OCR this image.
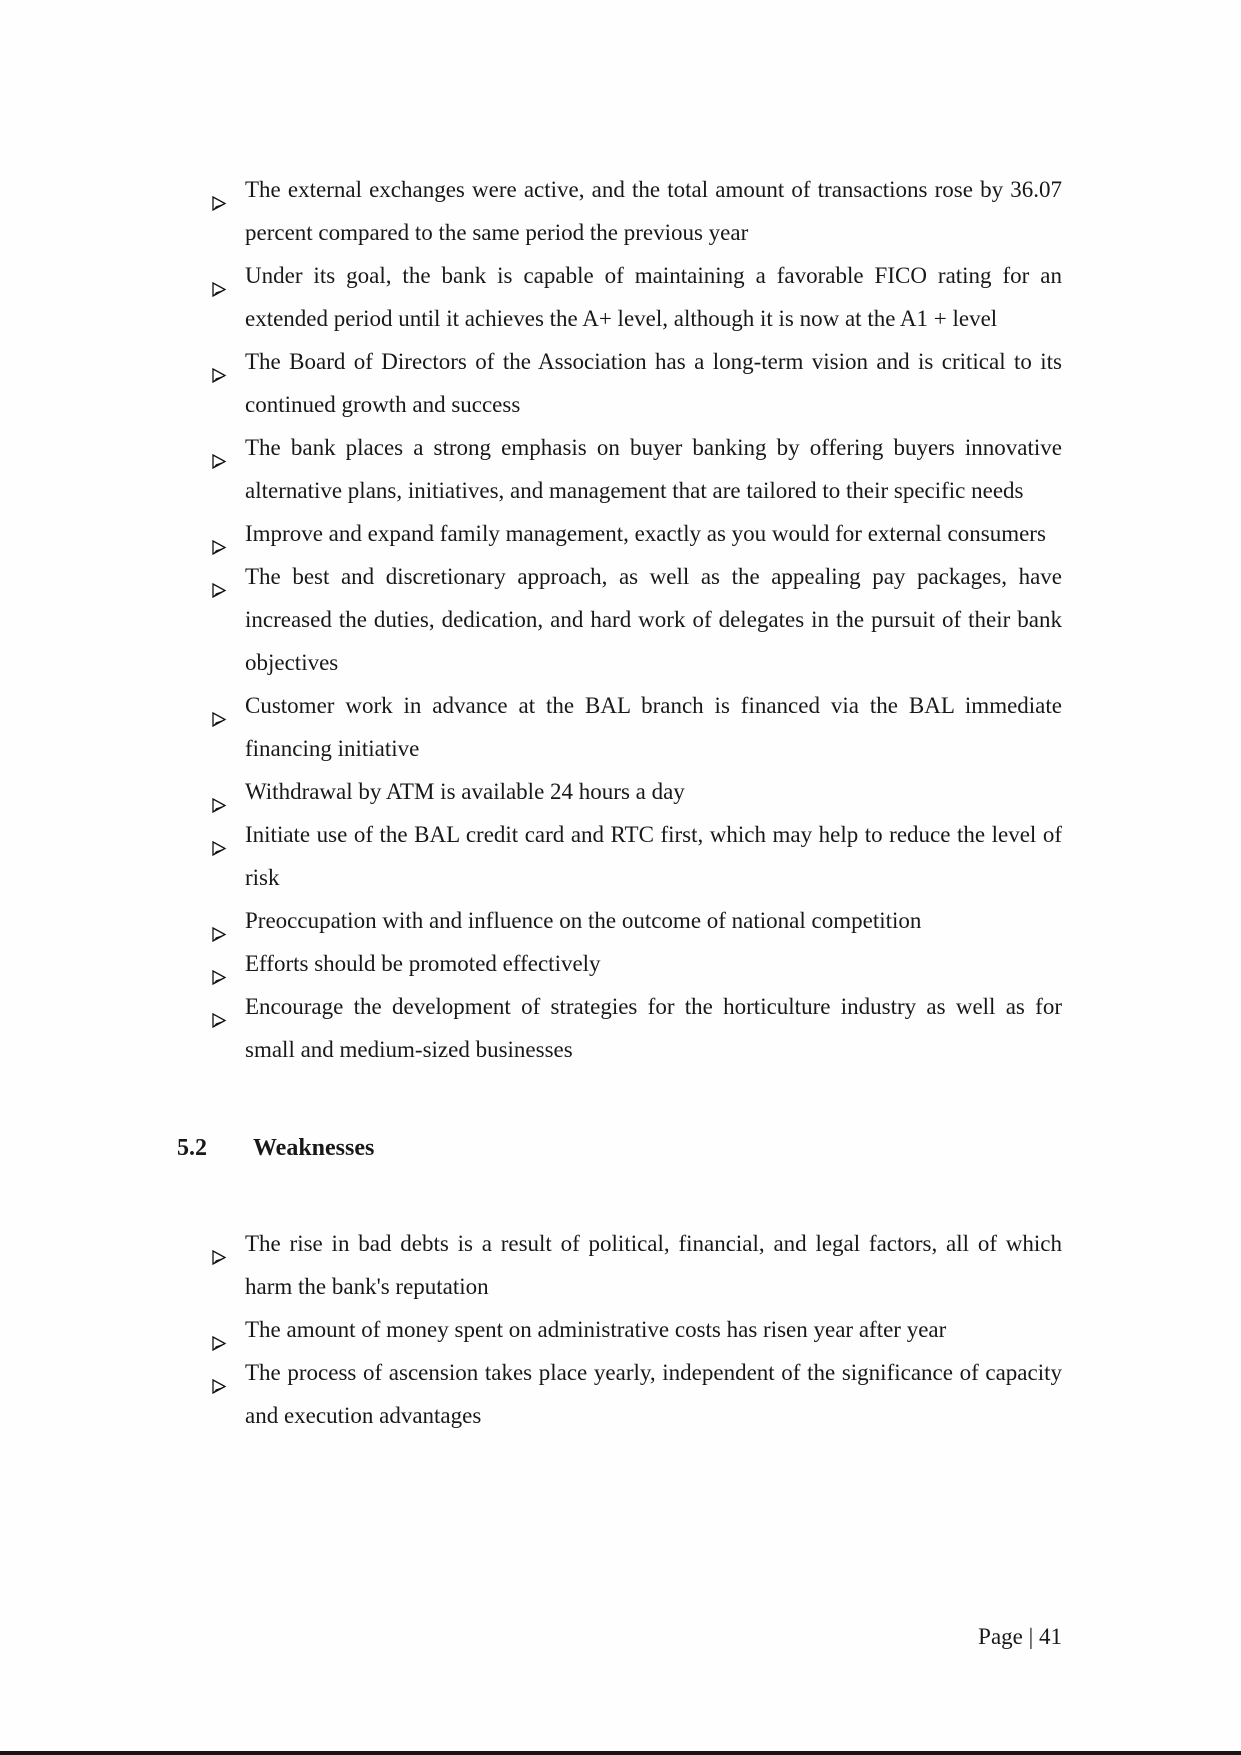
The external exchanges were active, and the total amount of transactions rose by 36.07 percent compared to the same period the previous year
Under its goal, the bank is capable of maintaining a favorable FICO rating for an extended period until it achieves the A+ level, although it is now at the A1 + level
The Board of Directors of the Association has a long-term vision and is critical to its continued growth and success
The bank places a strong emphasis on buyer banking by offering buyers innovative alternative plans, initiatives, and management that are tailored to their specific needs
Improve and expand family management, exactly as you would for external consumers
The best and discretionary approach, as well as the appealing pay packages, have increased the duties, dedication, and hard work of delegates in the pursuit of their bank objectives
Customer work in advance at the BAL branch is financed via the BAL immediate financing initiative
Withdrawal by ATM is available 24 hours a day
Initiate use of the BAL credit card and RTC first, which may help to reduce the level of risk
Preoccupation with and influence on the outcome of national competition
Efforts should be promoted effectively
Encourage the development of strategies for the horticulture industry as well as for small and medium-sized businesses
5.2 Weaknesses
The rise in bad debts is a result of political, financial, and legal factors, all of which harm the bank's reputation
The amount of money spent on administrative costs has risen year after year
The process of ascension takes place yearly, independent of the significance of capacity and execution advantages
Page | 41
